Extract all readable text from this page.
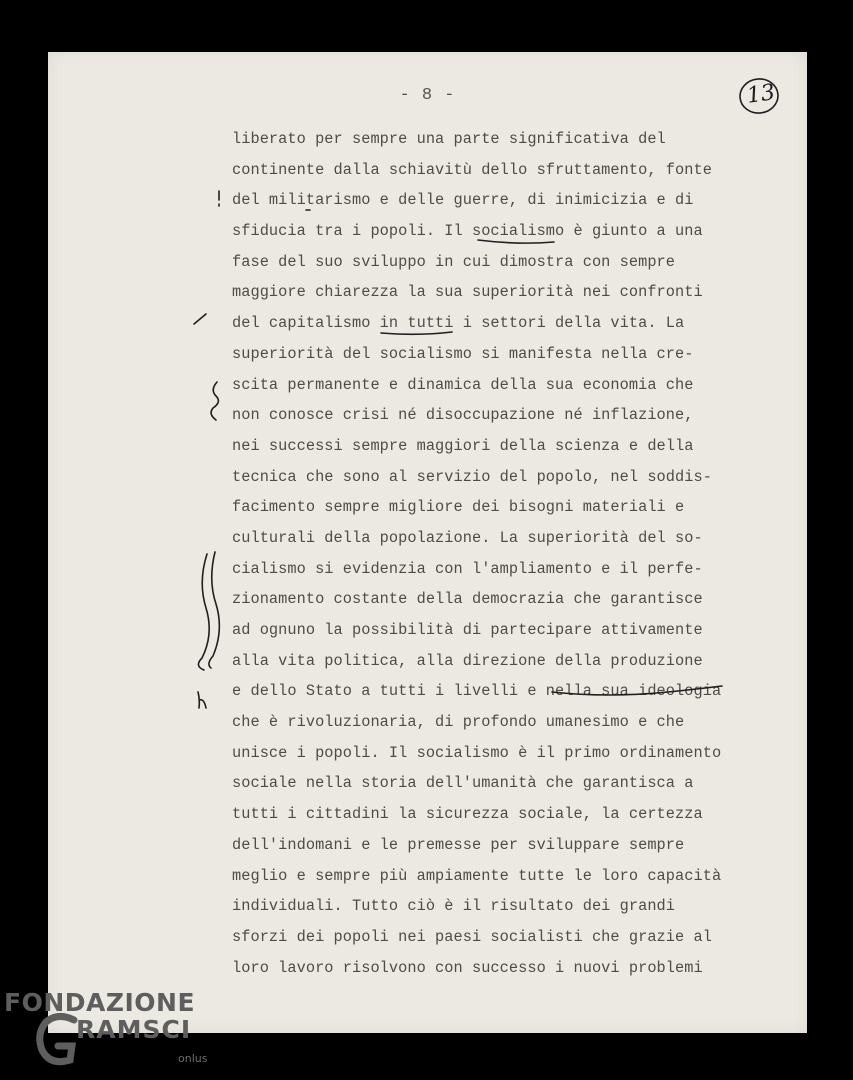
- 8 -	13
liberato per sempre una parte significativa del
continente dalla schiavitù dello sfruttamento, fonte
del militarismo e delle guerre, di inimicizia e di
sfiducia tra i popoli. Il socialismo è giunto a una
fase del suo sviluppo in cui dimostra con sempre
maggiore chiarezza la sua superiorità nei confronti
del capitalismo in tutti i settori della vita. La
superiorità del socialismo si manifesta nella cre-
scita permanente e dinamica della sua economia che
non conosce crisi né disoccupazione né inflazione,
nei successi sempre maggiori della scienza e della
tecnica che sono al servizio del popolo, nel soddis-
facimento sempre migliore dei bisogni materiali e
culturali della popolazione. La superiorità del so-
cialismo si evidenzia con l'ampliamento e il perfe-
zionamento costante della democrazia che garantisce
ad ognuno la possibilità di partecipare attivamente
alla vita politica, alla direzione della produzione
e dello Stato a tutti i livelli e nella sua ideologia
che è rivoluzionaria, di profondo umanesimo e che
unisce i popoli. Il socialismo è il primo ordinamento
sociale nella storia dell'umanità che garantisca a
tutti i cittadini la sicurezza sociale, la certezza
dell'indomani e le premesse per sviluppare sempre
meglio e sempre più ampiamente tutte le loro capacità
individuali. Tutto ciò è il risultato dei grandi
sforzi dei popoli nei paesi socialisti che grazie al
loro lavoro risolvono con successo i nuovi problemi
FONDAZIONE
RAMSCI
onlus
